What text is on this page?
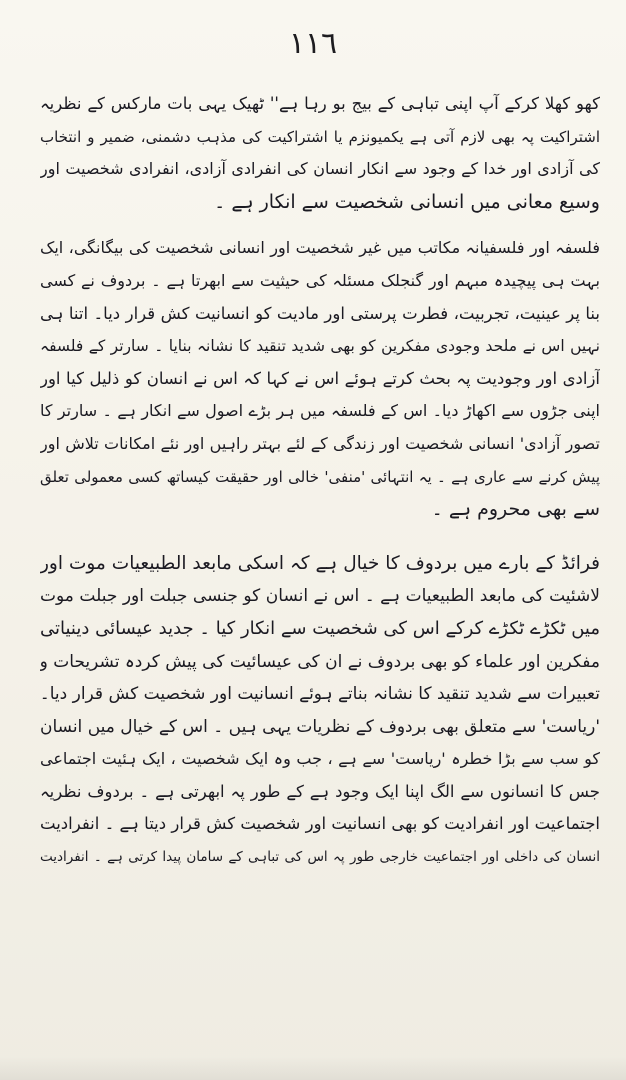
١١٦
کھو کھلا کرکے آپ اپنی تباہی کے بیج بو رہا ہے'' ٹھیک یہی بات مارکس کے نظریہ
اشتراکیت پہ بھی لازم آتی ہے یکمیونزم یا اشتراکیت کی مذہب دشمنی، ضمیر و انتخاب
کی آزادی اور خدا کے وجود سے انکار انسان کی انفرادی آزادی، انفرادی شخصیت اور
وسیع معانی میں انسانی شخصیت سے انکار ہے ۔
فلسفہ اور فلسفیانہ مکاتب میں غیر شخصیت اور انسانی شخصیت کی بیگانگی، ایک
بہت ہی پیچیدہ مبہم اور گنجلک مسئلہ کی حیثیت سے ابھرتا ہے ۔ بردوف نے کسی
بنا پر عینیت، تجربیت، فطرت پرستی اور مادیت کو انسانیت کش قرار دیا۔ اتنا ہی
نہیں اس نے ملحد وجودی مفکرین کو بھی شدید تنقید کا نشانہ بنایا ۔ سارتر کے فلسفہ
آزادی اور وجودیت پہ بحث کرتے ہوئے اس نے کہا کہ اس نے انسان کو ذلیل کیا اور
اپنی جڑوں سے اکھاڑ دیا۔ اس کے فلسفہ میں ہر بڑے اصول سے انکار ہے ۔ سارتر کا
تصور آزادی' انسانی شخصیت اور زندگی کے لئے بہتر راہیں اور نئے امکانات تلاش اور
پیش کرنے سے عاری ہے ۔ یہ انتہائی 'منفی' خالی اور حقیقت کیساتھ کسی معمولی تعلق
سے بھی محروم ہے ۔
فرائڈ کے بارے میں بردوف کا خیال ہے کہ اسکی مابعد الطبیعیات موت اور
لاشئیت کی مابعد الطبیعیات ہے ۔ اس نے انسان کو جنسی جبلت اور جبلت موت
میں ٹکڑے ٹکڑے کرکے اس کی شخصیت سے انکار کیا ۔ جدید عیسائی دینیاتی
مفکرین اور علماء کو بھی بردوف نے ان کی عیسائیت کی پیش کردہ تشریحات و
تعبیرات سے شدید تنقید کا نشانہ بناتے ہوئے انسانیت اور شخصیت کش قرار دیا۔
'ریاست' سے متعلق بھی بردوف کے نظریات یہی ہیں ۔ اس کے خیال میں انسان
کو سب سے بڑا خطرہ 'ریاست' سے ہے ، جب وہ ایک شخصیت ، ایک ہئیت اجتماعی
جس کا انسانوں سے الگ اپنا ایک وجود ہے کے طور پہ ابھرتی ہے ۔ بردوف نظریہ
اجتماعیت اور انفرادیت کو بھی انسانیت اور شخصیت کش قرار دیتا ہے ۔ انفرادیت
انسان کی داخلی اور اجتماعیت خارجی طور پہ اس کی تباہی کے سامان پیدا کرتی ہے ۔ انفرادیت
